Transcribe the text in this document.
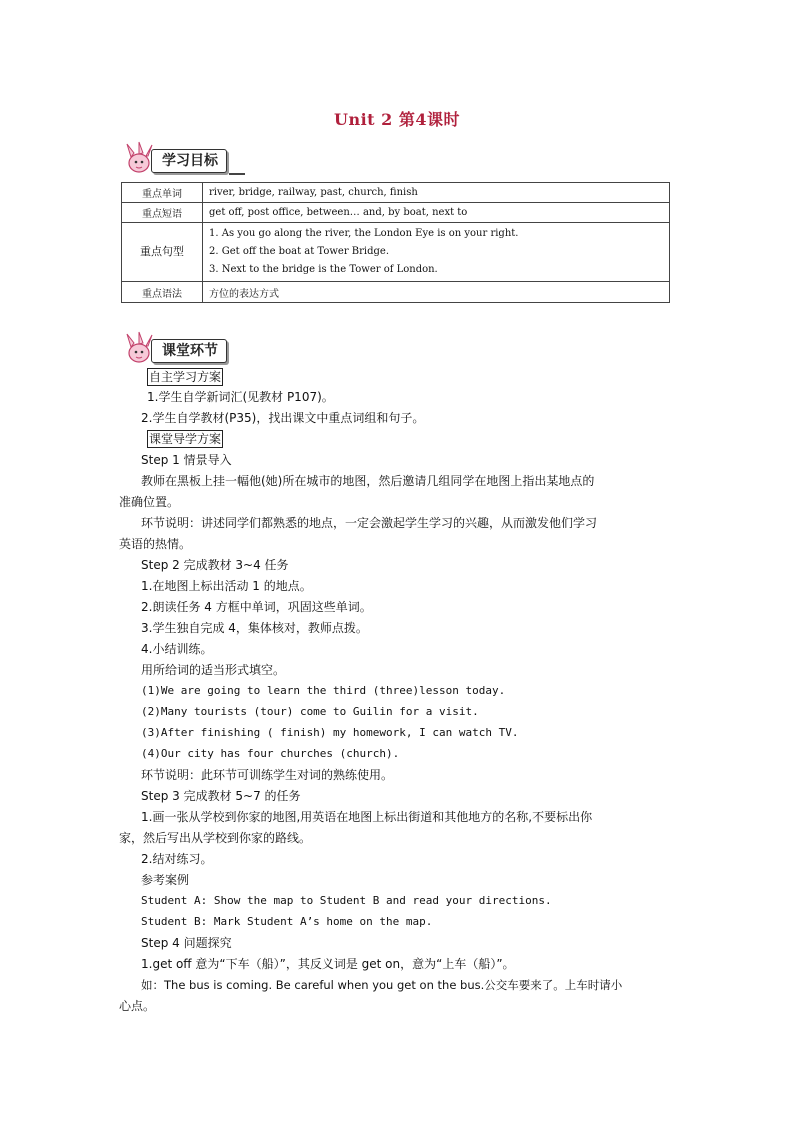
Unit 2 第4课时
学习目标
重点单词	river, bridge, railway, past, church, finish
重点短语	get off, post office, between… and, by boat, next to
重点句型	1. As you go along the river, the London Eye is on your right.
2. Get off the boat at Tower Bridge.
3. Next to the bridge is the Tower of London.

重点语法	方位的表达方式
课堂环节
自主学习方案
1.学生自学新词汇(见教材 P107)。
2.学生自学教材(P35)，找出课文中重点词组和句子。
课堂导学方案
Step 1 情景导入
教师在黑板上挂一幅他(她)所在城市的地图，然后邀请几组同学在地图上指出某地点的
准确位置。
环节说明：讲述同学们都熟悉的地点，一定会激起学生学习的兴趣，从而激发他们学习
英语的热情。
Step 2 完成教材 3~4 任务
1.在地图上标出活动 1 的地点。
2.朗读任务 4 方框中单词，巩固这些单词。
3.学生独自完成 4，集体核对，教师点拨。
4.小结训练。
用所给词的适当形式填空。
(1)We are going to learn the third (three)lesson today.
(2)Many tourists (tour) come to Guilin for a visit.
(3)After finishing ( finish) my homework, I can watch TV.
(4)Our city has four churches (church).
环节说明：此环节可训练学生对词的熟练使用。
Step 3 完成教材 5~7 的任务
1.画一张从学校到你家的地图,用英语在地图上标出街道和其他地方的名称,不要标出你
家，然后写出从学校到你家的路线。
2.结对练习。
参考案例
Student A: Show the map to Student B and read your directions.
Student B: Mark Student A’s home on the map.
Step 4 问题探究
1.get off 意为“下车（船）”，其反义词是 get on，意为“上车（船）”。
如：The bus is coming. Be careful when you get on the bus.公交车要来了。上车时请小
心点。
